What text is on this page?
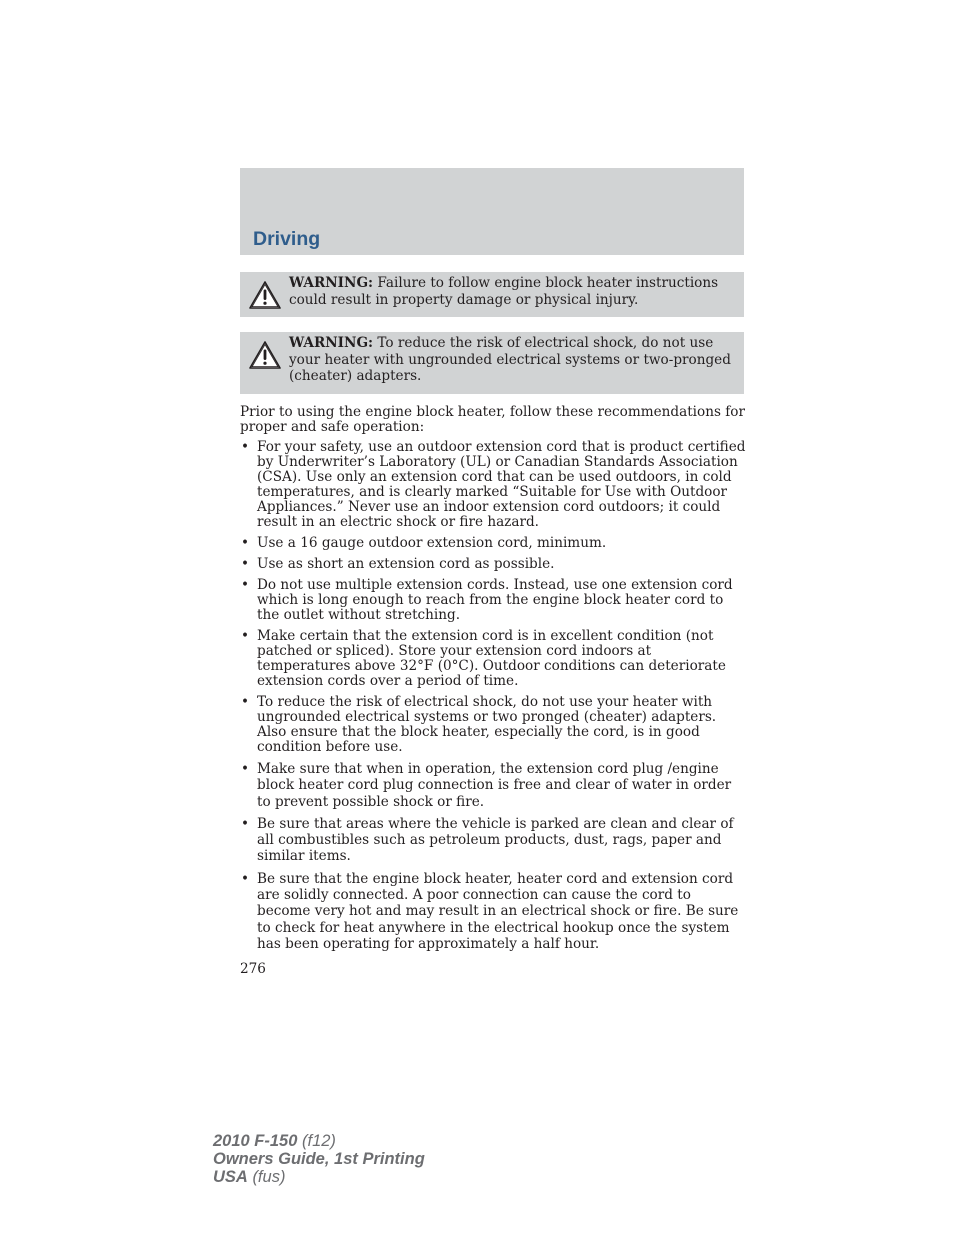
Driving
WARNING: Failure to follow engine block heater instructions could result in property damage or physical injury.
WARNING: To reduce the risk of electrical shock, do not use your heater with ungrounded electrical systems or two-pronged (cheater) adapters.

Prior to using the engine block heater, follow these recommendations for proper and safe operation:

• For your safety, use an outdoor extension cord that is product certified by Underwriter’s Laboratory (UL) or Canadian Standards Association (CSA). Use only an extension cord that can be used outdoors, in cold temperatures, and is clearly marked “Suitable for Use with Outdoor Appliances.” Never use an indoor extension cord outdoors; it could result in an electric shock or fire hazard.
• Use a 16 gauge outdoor extension cord, minimum.
• Use as short an extension cord as possible.
• Do not use multiple extension cords. Instead, use one extension cord which is long enough to reach from the engine block heater cord to the outlet without stretching.
• Make certain that the extension cord is in excellent condition (not patched or spliced). Store your extension cord indoors at temperatures above 32°F (0°C). Outdoor conditions can deteriorate extension cords over a period of time.
• To reduce the risk of electrical shock, do not use your heater with ungrounded electrical systems or two pronged (cheater) adapters. Also ensure that the block heater, especially the cord, is in good condition before use.
• Make sure that when in operation, the extension cord plug /engine block heater cord plug connection is free and clear of water in order to prevent possible shock or fire.
• Be sure that areas where the vehicle is parked are clean and clear of all combustibles such as petroleum products, dust, rags, paper and similar items.
• Be sure that the engine block heater, heater cord and extension cord are solidly connected. A poor connection can cause the cord to become very hot and may result in an electrical shock or fire. Be sure to check for heat anywhere in the electrical hookup once the system has been operating for approximately a half hour.
276
2010 F-150 (f12)
Owners Guide, 1st Printing
USA (fus)
